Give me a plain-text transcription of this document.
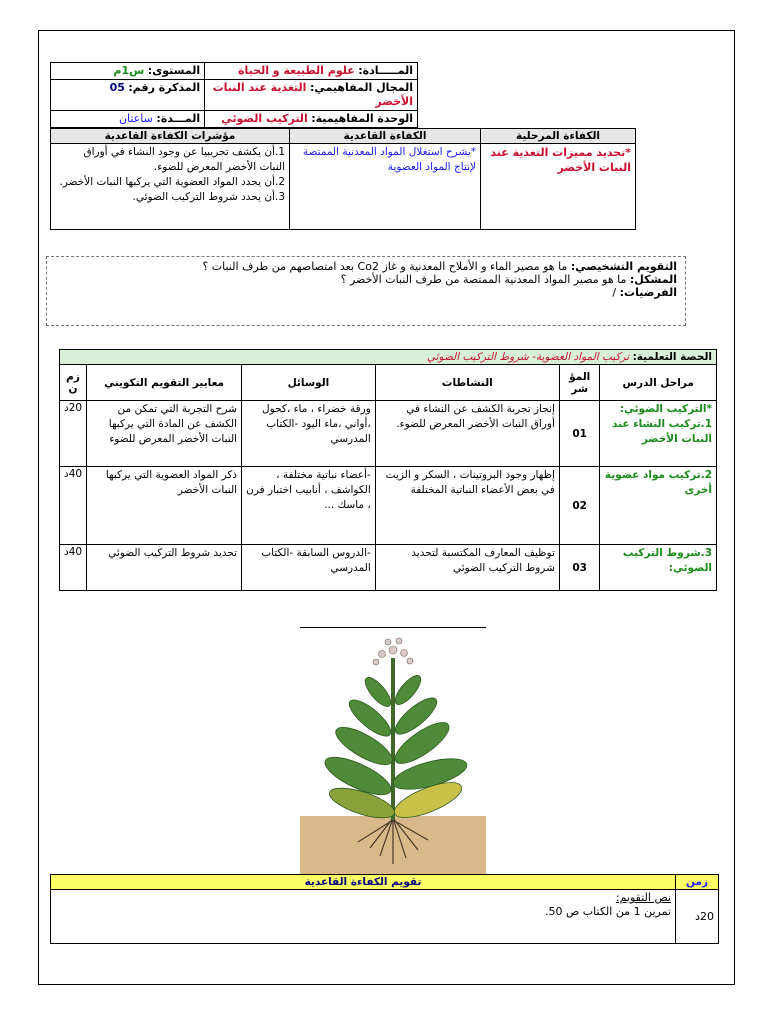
المـــــادة: علوم الطبيعة و الحياة	المستوى: س1م
المجال المفاهيمي: التغذية عند النبات الأخضر	المذكرة رقم: 05
الوحدة المفاهيمية: التركيب الضوئي	المـــدة: ساعتان
الكفاءة المرحلية	الكفاءة القاعدية	مؤشرات الكفاءة القاعدية
*تحديد مميزات التغذية عند النبات الأخضر	*يشرح استغلال المواد المعدنية الممتصة لإنتاج المواد العضوية	1.أن يكشف تجريبيا عن وجود النشاء في أوراق النبات الأخضر المعرض للضوء.
2.أن يحدد المواد العضوية التي يركبها النبات الأخضر.
3.أن يحدد شروط التركيب الضوئي.
التقويم التشخيصي: ما هو مصير الماء و الأملاح المعدنية و غاز Co2 بعد امتصاصهم من طرف النبات ؟
المشكل: ما هو مصير المواد المعدنية الممتصة من طرف النبات الأخضر ؟
الفرضيات: /
الحصة التعلمية: تركيب المواد العضوية- شروط التركيب الضوئي					
مراحل الدرس	المؤ شر	النشاطات	الوسائل	معايير التقويم التكويني	زم ن
*التركيب الضوئي: 1.تركيب النشاء عند النبات الأخضر	01	إنجاز تجربة الكشف عن النشاء في أوراق النبات الأخضر المعرض للضوء.	ورقة خضراء ، ماء ،كحول ،أواني ،ماء اليود -الكتاب المدرسي	شرح التجربة التي تمكن من الكشف عن المادة التي يركبها النبات الأخضر المعرض للضوء	20د
2.تركيب مواد عضوية أخرى	02	إظهار وجود البروتينات ، السكر و الزيت في بعض الأعضاء النباتية المختلفة	-أعضاء نباتية مختلفة ، الكواشف ، أنابيب اختبار فرن ، ماسك ...	ذكر المواد العضوية التي يركبها النبات الأخضر	40د
3.شروط التركيب الضوئي:	03	توظيف المعارف المكتسبة لتحديد شروط التركيب الضوئي	-الدروس السابقة -الكتاب المدرسي	تحديد شروط التركيب الضوئي	40د
زمن	تقويم الكفاءة القاعدية
20د	نص التقويم:
تمرين 1 من الكتاب ص 50.
